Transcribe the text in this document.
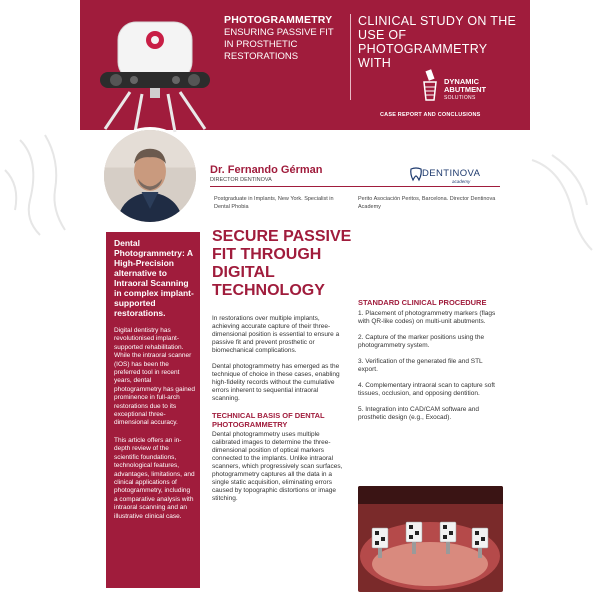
PHOTOGRAMMETRY
ENSURING PASSIVE FIT IN PROSTHETIC RESTORATIONS
CLINICAL STUDY ON THE USE OF PHOTOGRAMMETRY WITH
DYNAMIC
ABUTMENT
SOLUTIONS
CASE REPORT AND CONCLUSIONS
Dr. Fernando Gérman
DIRECTOR DENTINOVA
Postgraduate in Implants, New York. Specialist in Dental Phobia
Perito Asociación Peritos, Barcelona. Director Dentinova Academy
DENTINOVA
academy
Dental Photogrammetry: A High-Precision alternative to Intraoral Scanning in complex implant-supported restorations.

Digital dentistry has revolutionised implant-supported rehabilitation. While the intraoral scanner (IOS) has been the preferred tool in recent years, dental photogrammetry has gained prominence in full-arch restorations due to its exceptional three-dimensional accuracy.

This article offers an in-depth review of the scientific foundations, technological features, advantages, limitations, and clinical applications of photogrammetry, including a comparative analysis with intraoral scanning and an illustrative clinical case.

SECURE PASSIVE FIT THROUGH DIGITAL TECHNOLOGY

In restorations over multiple implants, achieving accurate capture of their three-dimensional position is essential to ensure a passive fit and prevent prosthetic or biomechanical complications.

Dental photogrammetry has emerged as the technique of choice in these cases, enabling high-fidelity records without the cumulative errors inherent to sequential intraoral scanning.

TECHNICAL BASIS OF DENTAL PHOTOGRAMMETRY

Dental photogrammetry uses multiple calibrated images to determine the three-dimensional position of optical markers connected to the implants. Unlike intraoral scanners, which progressively scan surfaces, photogrammetry captures all the data in a single static acquisition, eliminating errors caused by topographic distortions or image stitching.

STANDARD CLINICAL PROCEDURE

1. Placement of photogrammetry markers (flags with QR-like codes) on multi-unit abutments.

2. Capture of the marker positions using the photogrammetry system.

3. Verification of the generated file and STL export.

4. Complementary intraoral scan to capture soft tissues, occlusion, and opposing dentition.

5. Integration into CAD/CAM software and prosthetic design (e.g., Exocad).
